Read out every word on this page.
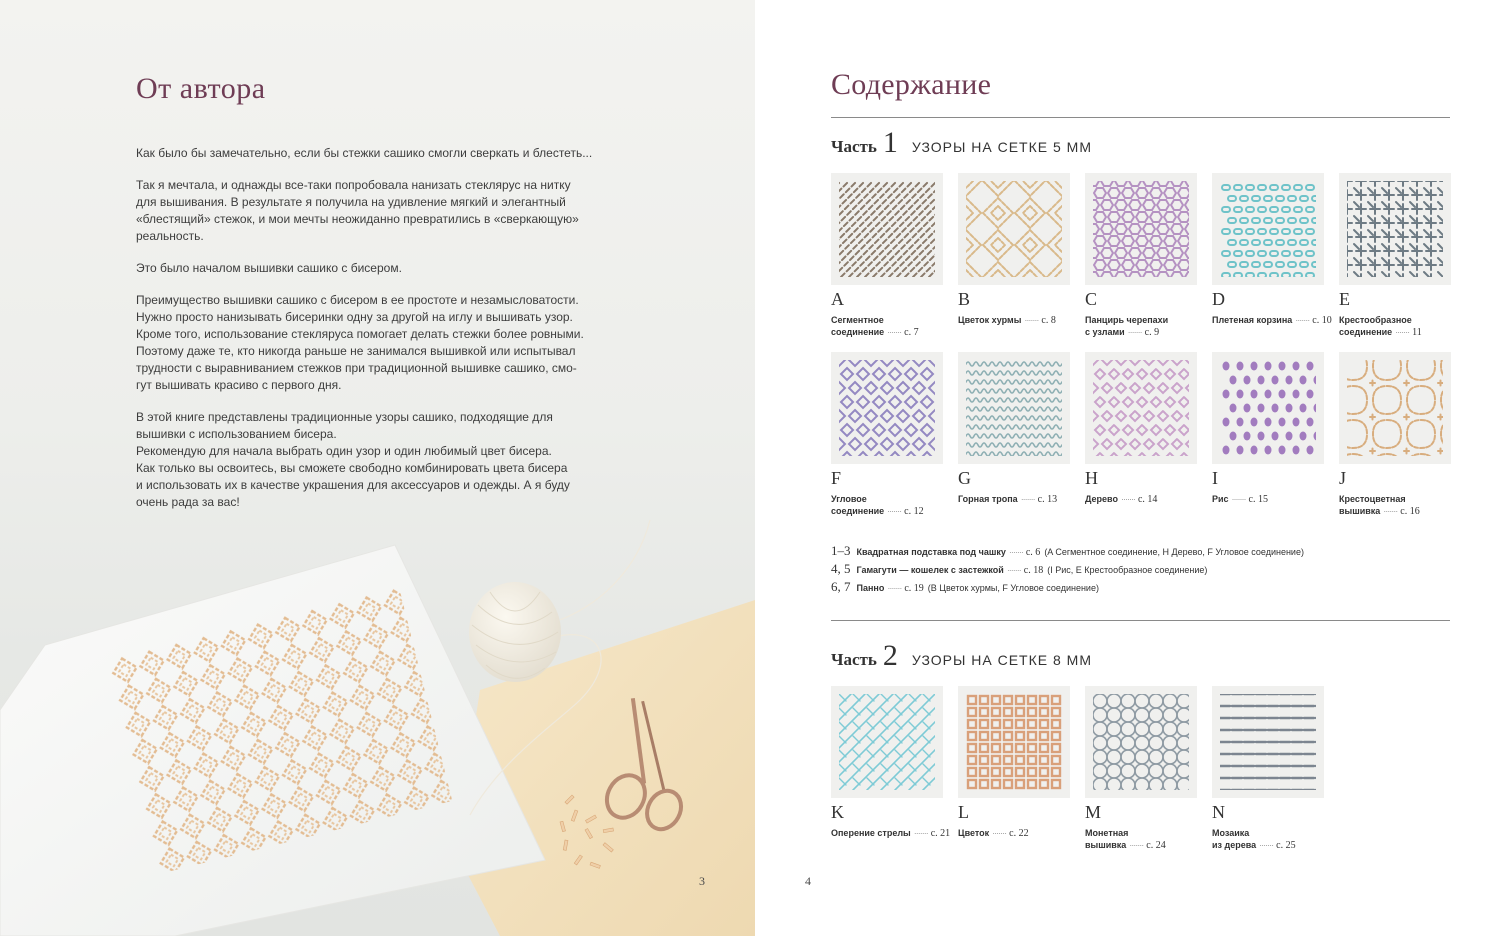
От автора

Как было бы замечательно, если бы стежки сашико смогли сверкать и блестеть...

Так я мечтала, и однажды все-таки попробовала нанизать стеклярус на нитку
для вышивания. В результате я получила на удивление мягкий и элегантный
«блестящий» стежок, и мои мечты неожиданно превратились в «сверкающую»
реальность.

Это было началом вышивки сашико с бисером.

Преимущество вышивки сашико с бисером в ее простоте и незамысловатости.
Нужно просто нанизывать бисеринки одну за другой на иглу и вышивать узор.
Кроме того, использование стекляруса помогает делать стежки более ровными.
Поэтому даже те, кто никогда раньше не занимался вышивкой или испытывал
трудности с выравниванием стежков при традиционной вышивке сашико, смо-
гут вышивать красиво с первого дня.

В этой книге представлены традиционные узоры сашико, подходящие для
вышивки с использованием бисера.
Рекомендую для начала выбрать один узор и один любимый цвет бисера.
Как только вы освоитесь, вы сможете свободно комбинировать цвета бисера
и использовать их в качестве украшения для аксессуаров и одежды. А я буду
очень рада за вас!

3
Содержание
Часть 1 УЗОРЫ НА СЕТКЕ 5 ММ
A
Сегментное
соединение ······· с. 7
B
Цветок хурмы ······· с. 8
C
Панцирь черепахи
с узлами ······· с. 9
D
Плетеная корзина ······· с. 10
E
Крестообразное
соединение ······· 11
F
Угловое
соединение ······· с. 12
G
Горная тропа ······· с. 13
H
Дерево ······· с. 14
I
Рис ······· с. 15
J
Крестоцветная
вышивка ······· с. 16
1–3 Квадратная подставка под чашку ······· с. 6 (A Сегментное соединение, H Дерево, F Угловое соединение)
4, 5 Гамагути — кошелек с застежкой ······· с. 18 (I Рис, E Крестообразное соединение)
6, 7 Панно ······· с. 19 (B Цветок хурмы, F Угловое соединение)
Часть 2 УЗОРЫ НА СЕТКЕ 8 ММ
K
Оперение стрелы ······· с. 21
L
Цветок ······· с. 22
M
Монетная
вышивка ······· с. 24
N
Мозаика
из дерева ······· с. 25
4
